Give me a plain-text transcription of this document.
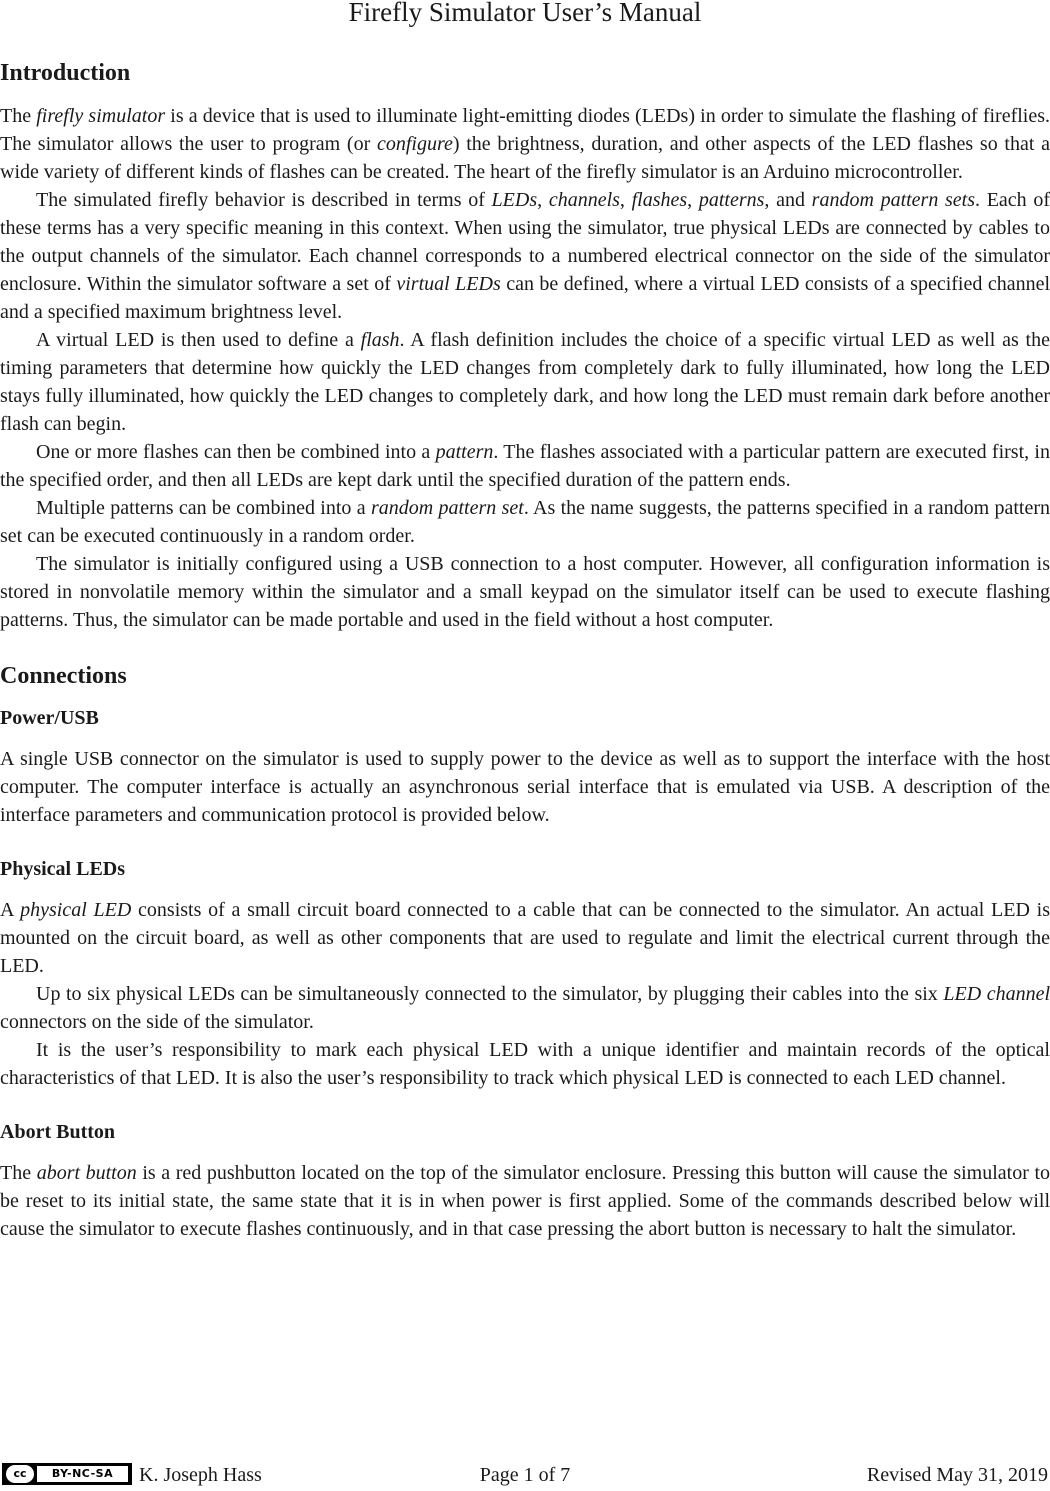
Firefly Simulator User’s Manual
Introduction

The firefly simulator is a device that is used to illuminate light-emitting diodes (LEDs) in order to simulate the flashing of fireflies. The simulator allows the user to program (or configure) the brightness, duration, and other aspects of the LED flashes so that a wide variety of different kinds of flashes can be created. The heart of the firefly simulator is an Arduino microcontroller.

The simulated firefly behavior is described in terms of LEDs, channels, flashes, patterns, and random pattern sets. Each of these terms has a very specific meaning in this context. When using the simulator, true physical LEDs are connected by cables to the output channels of the simulator. Each channel corresponds to a numbered electrical connector on the side of the simulator enclosure. Within the simulator software a set of virtual LEDs can be defined, where a virtual LED consists of a specified channel and a specified maximum brightness level.

A virtual LED is then used to define a flash. A flash definition includes the choice of a specific virtual LED as well as the timing parameters that determine how quickly the LED changes from completely dark to fully illuminated, how long the LED stays fully illuminated, how quickly the LED changes to completely dark, and how long the LED must remain dark before another flash can begin.

One or more flashes can then be combined into a pattern. The flashes associated with a particular pattern are executed first, in the specified order, and then all LEDs are kept dark until the specified duration of the pattern ends.

Multiple patterns can be combined into a random pattern set. As the name suggests, the patterns specified in a random pattern set can be executed continuously in a random order.

The simulator is initially configured using a USB connection to a host computer. However, all configuration information is stored in nonvolatile memory within the simulator and a small keypad on the simulator itself can be used to execute flashing patterns. Thus, the simulator can be made portable and used in the field without a host computer.

Connections
Power/USB

A single USB connector on the simulator is used to supply power to the device as well as to support the interface with the host computer. The computer interface is actually an asynchronous serial interface that is emulated via USB. A description of the interface parameters and communication protocol is provided below.

Physical LEDs

A physical LED consists of a small circuit board connected to a cable that can be connected to the simulator. An actual LED is mounted on the circuit board, as well as other components that are used to regulate and limit the electrical current through the LED.

Up to six physical LEDs can be simultaneously connected to the simulator, by plugging their cables into the six LED channel connectors on the side of the simulator.

It is the user’s responsibility to mark each physical LED with a unique identifier and maintain records of the optical characteristics of that LED. It is also the user’s responsibility to track which physical LED is connected to each LED channel.

Abort Button

The abort button is a red pushbutton located on the top of the simulator enclosure. Pressing this button will cause the simulator to be reset to its initial state, the same state that it is in when power is first applied. Some of the commands described below will cause the simulator to execute flashes continuously, and in that case pressing the abort button is necessary to halt the simulator.

cc	BY-NC-SA	K. Joseph Hass	Page 1 of 7	Revised May 31, 2019
